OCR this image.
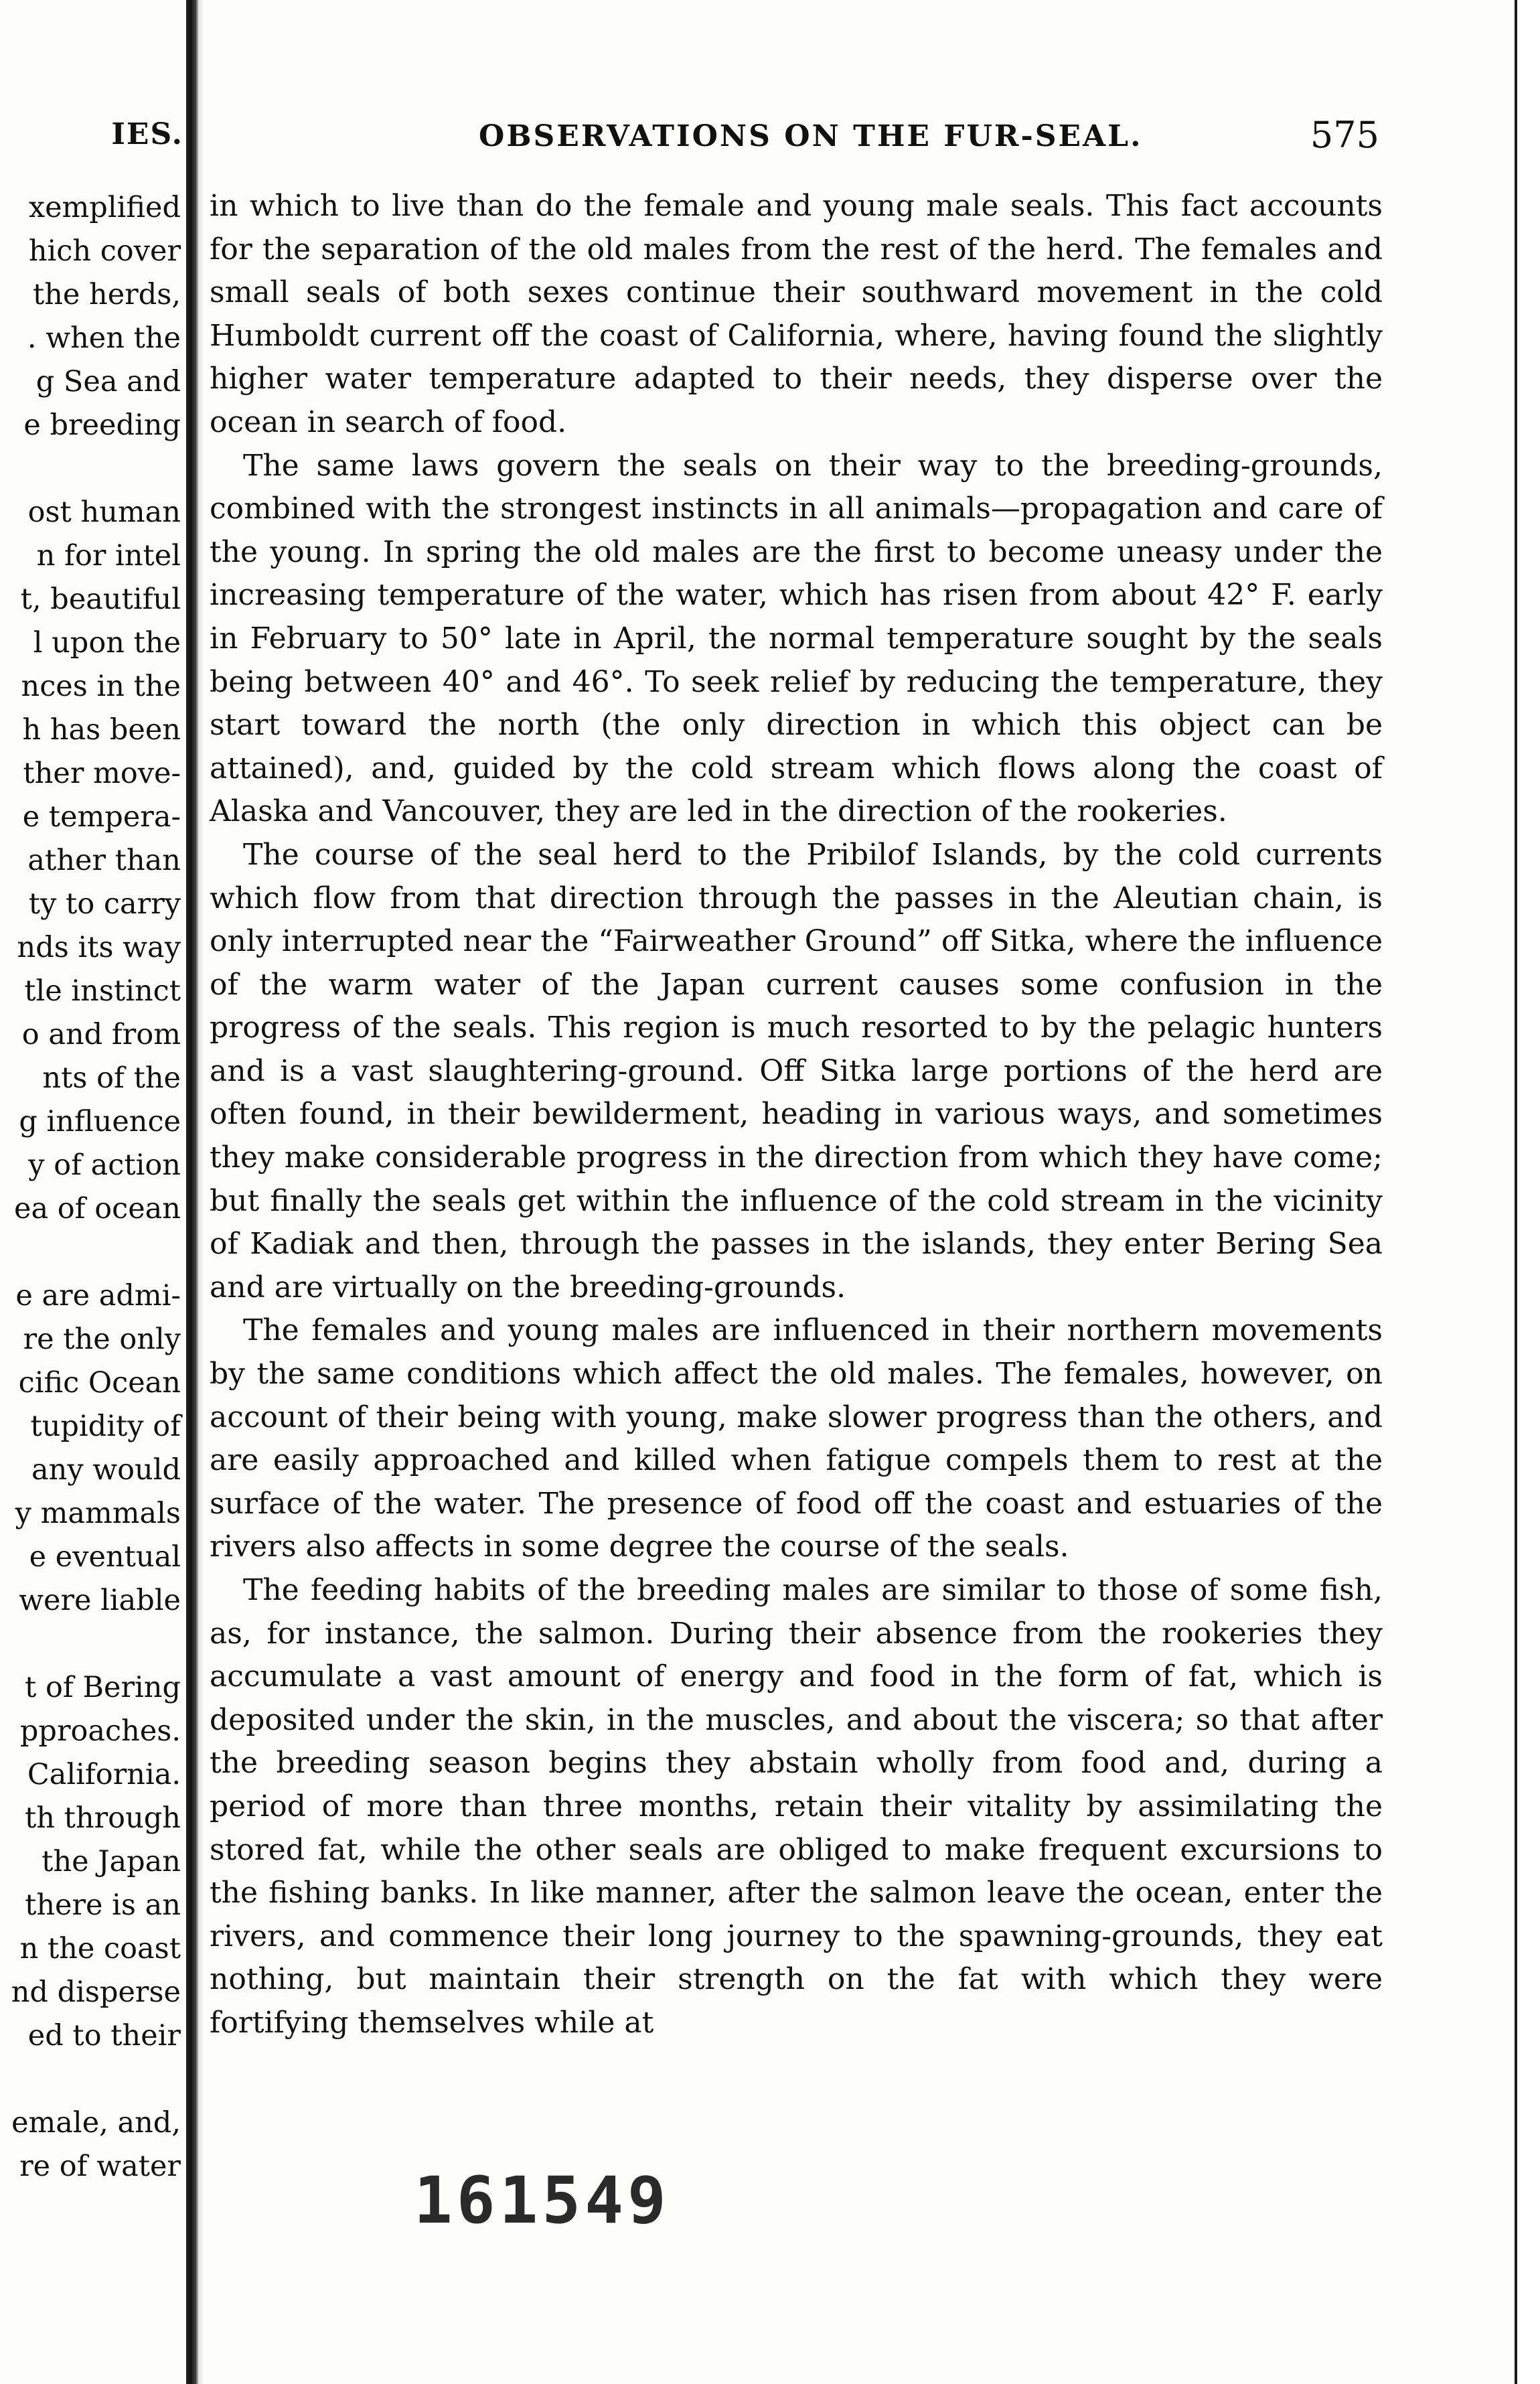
IES.
xemplified
hich cover
the herds,
. when the
g Sea and
e breeding
ost human
n for intel
t, beautiful
l upon the
nces in the
h has been
ther move-
e tempera-
ather than
ty to carry
nds its way
tle instinct
o and from
nts of the
g influence
y of action
ea of ocean
e are admi-
re the only
cific Ocean
tupidity of
any would
y mammals
e eventual
were liable
t of Bering
pproaches.
California.
th through
the Japan
there is an
n the coast
nd disperse
ed to their
emale, and,
re of water
OBSERVATIONS ON THE FUR-SEAL.	575

in which to live than do the female and young male seals. This fact accounts for the separation of the old males from the rest of the herd. The females and small seals of both sexes continue their southward movement in the cold Humboldt current off the coast of California, where, having found the slightly higher water temperature adapted to their needs, they disperse over the ocean in search of food.

The same laws govern the seals on their way to the breeding-grounds, combined with the strongest instincts in all animals—propagation and care of the young. In spring the old males are the first to become uneasy under the increasing temperature of the water, which has risen from about 42° F. early in February to 50° late in April, the normal temperature sought by the seals being between 40° and 46°. To seek relief by reducing the temperature, they start toward the north (the only direction in which this object can be attained), and, guided by the cold stream which flows along the coast of Alaska and Vancouver, they are led in the direction of the rookeries.

The course of the seal herd to the Pribilof Islands, by the cold currents which flow from that direction through the passes in the Aleutian chain, is only interrupted near the “Fairweather Ground” off Sitka, where the influence of the warm water of the Japan current causes some confusion in the progress of the seals. This region is much resorted to by the pelagic hunters and is a vast slaughtering-ground. Off Sitka large portions of the herd are often found, in their bewilderment, heading in various ways, and sometimes they make considerable progress in the direction from which they have come; but finally the seals get within the influence of the cold stream in the vicinity of Kadiak and then, through the passes in the islands, they enter Bering Sea and are virtually on the breeding-grounds.

The females and young males are influenced in their northern movements by the same conditions which affect the old males. The females, however, on account of their being with young, make slower progress than the others, and are easily approached and killed when fatigue compels them to rest at the surface of the water. The presence of food off the coast and estuaries of the rivers also affects in some degree the course of the seals.

The feeding habits of the breeding males are similar to those of some fish, as, for instance, the salmon. During their absence from the rookeries they accumulate a vast amount of energy and food in the form of fat, which is deposited under the skin, in the muscles, and about the viscera; so that after the breeding season begins they abstain wholly from food and, during a period of more than three months, retain their vitality by assimilating the stored fat, while the other seals are obliged to make frequent excursions to the fishing banks. In like manner, after the salmon leave the ocean, enter the rivers, and commence their long journey to the spawning-grounds, they eat nothing, but maintain their strength on the fat with which they were fortifying themselves while at

161549
